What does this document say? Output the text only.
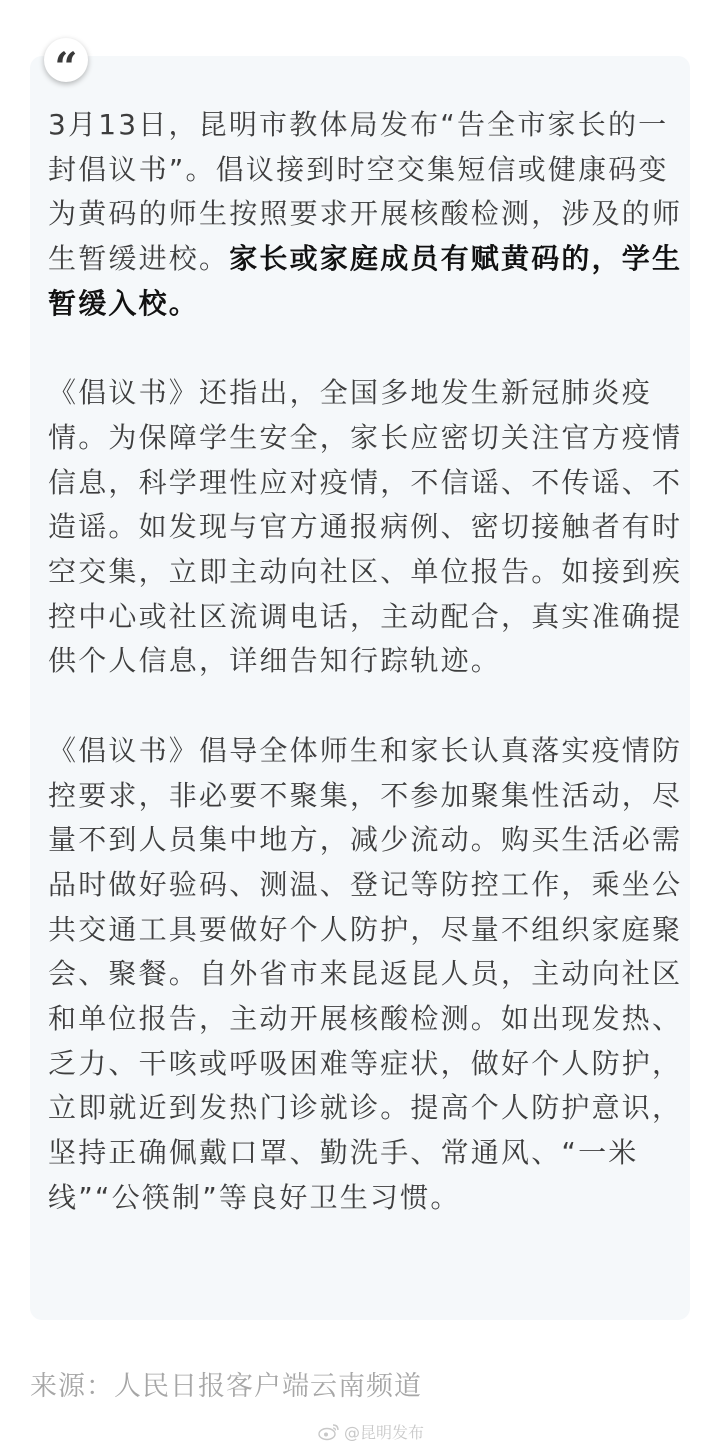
“

3月13日，昆明市教体局发布“告全市家长的一封倡议书”。倡议接到时空交集短信或健康码变为黄码的师生按照要求开展核酸检测，涉及的师生暂缓进校。家长或家庭成员有赋黄码的，学生暂缓入校。

《倡议书》还指出，全国多地发生新冠肺炎疫情。为保障学生安全，家长应密切关注官方疫情信息，科学理性应对疫情，不信谣、不传谣、不造谣。如发现与官方通报病例、密切接触者有时空交集，立即主动向社区、单位报告。如接到疾控中心或社区流调电话，主动配合，真实准确提供个人信息，详细告知行踪轨迹。

《倡议书》倡导全体师生和家长认真落实疫情防控要求，非必要不聚集，不参加聚集性活动，尽量不到人员集中地方，减少流动。购买生活必需品时做好验码、测温、登记等防控工作，乘坐公共交通工具要做好个人防护，尽量不组织家庭聚会、聚餐。自外省市来昆返昆人员，主动向社区和单位报告，主动开展核酸检测。如出现发热、乏力、干咳或呼吸困难等症状，做好个人防护，立即就近到发热门诊就诊。提高个人防护意识，坚持正确佩戴口罩、勤洗手、常通风、“一米线”“公筷制”等良好卫生习惯。

来源：人民日报客户端云南频道
@昆明发布
